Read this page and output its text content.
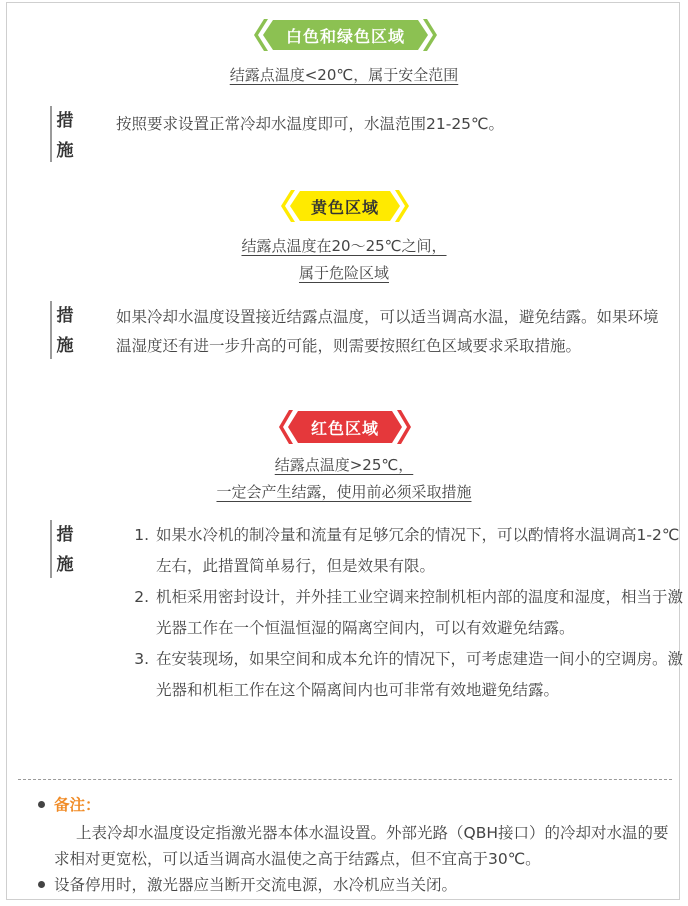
白色和绿色区域
结露点温度<20℃，属于安全范围
措
施
按照要求设置正常冷却水温度即可，水温范围21-25℃。
黄色区域
结露点温度在20～25℃之间，
属于危险区域
措
施
如果冷却水温度设置接近结露点温度，可以适当调高水温，避免结露。如果环境温湿度还有进一步升高的可能，则需要按照红色区域要求采取措施。
红色区域
结露点温度>25℃，
一定会产生结露，使用前必须采取措施
措
施
1. 如果水冷机的制冷量和流量有足够冗余的情况下，可以酌情将水温调高1-2℃左右，此措置简单易行，但是效果有限。
2. 机柜采用密封设计，并外挂工业空调来控制机柜内部的温度和湿度，相当于激光器工作在一个恒温恒湿的隔离空间内，可以有效避免结露。
3. 在安装现场，如果空间和成本允许的情况下，可考虑建造一间小的空调房。激光器和机柜工作在这个隔离间内也可非常有效地避免结露。
备注：
上表冷却水温度设定指激光器本体水温设置。外部光路（QBH接口）的冷却对水温的要求相对更宽松，可以适当调高水温使之高于结露点，但不宜高于30℃。
设备停用时，激光器应当断开交流电源，水冷机应当关闭。
